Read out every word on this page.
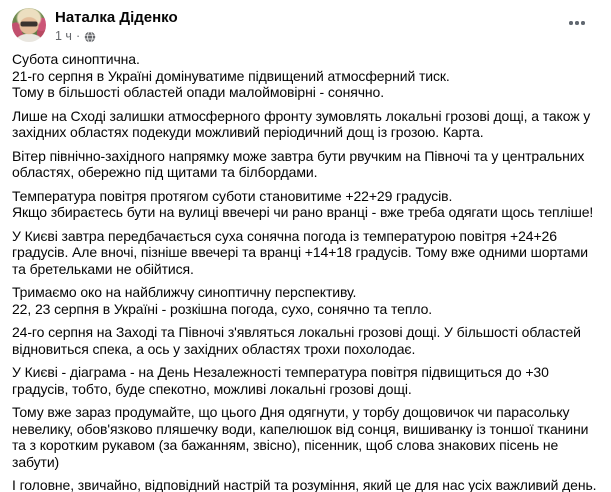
Наталка Діденко
1 ч ·
Субота синоптична.
21-го серпня в Україні домінуватиме підвищений атмосферний тиск.
Тому в більшості областей опади малоймовірні - сонячно.
Лише на Сході залишки атмосферного фронту зумовлять локальні грозові дощі, а також у західних областях подекуди можливий періодичний дощ із грозою. Карта.
Вітер північно-західного напрямку може завтра бути рвучким на Півночі та у центральних областях, обережно під щитами та білбордами.
Температура повітря протягом суботи становитиме +22+29 градусів.
Якщо збираєтесь бути на вулиці ввечері чи рано вранці - вже треба одягати щось тепліше!
У Києві завтра передбачається суха сонячна погода із температурою повітря +24+26 градусів. Але вночі, пізніше ввечері та вранці +14+18 градусів. Тому вже одними шортами та бретельками не обійтися.
Тримаємо око на найближчу синоптичну перспективу.
22, 23 серпня в Україні - розкішна погода, сухо, сонячно та тепло.
24-го серпня на Заході та Півночі з'являться локальні грозові дощі. У більшості областей відновиться спека, а ось у західних областях трохи похолодає.
У Києві - діаграма - на День Незалежності температура повітря підвищиться до +30 градусів, тобто, буде спекотно, можливі локальні грозові дощі.
Тому вже зараз продумайте, що цього Дня одягнути, у торбу дощовичок чи парасольку невелику, обов'язково пляшечку води, капелюшок від сонця, вишиванку із тоншої тканини та з коротким рукавом (за бажанням, звісно), пісенник, щоб слова знакових пісень не забути)
І головне, звичайно, відповідний настрій та розуміння, який це для нас усіх важливий день.
